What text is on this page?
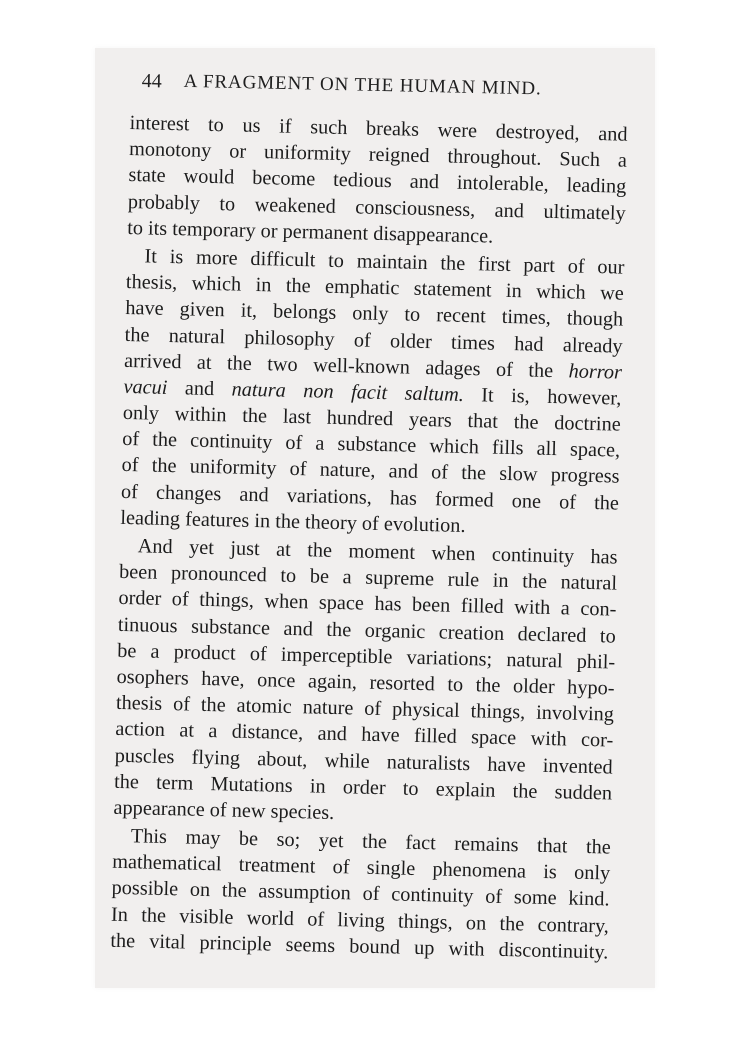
44 A FRAGMENT ON THE HUMAN MIND.
interest to us if such breaks were destroyed, and
monotony or uniformity reigned throughout. Such a
state would become tedious and intolerable, leading
probably to weakened consciousness, and ultimately
to its temporary or permanent disappearance.
It is more difficult to maintain the first part of our
thesis, which in the emphatic statement in which we
have given it, belongs only to recent times, though
the natural philosophy of older times had already
arrived at the two well-known adages of the horror
vacui and natura non facit saltum. It is, however,
only within the last hundred years that the doctrine
of the continuity of a substance which fills all space,
of the uniformity of nature, and of the slow progress
of changes and variations, has formed one of the
leading features in the theory of evolution.
And yet just at the moment when continuity has
been pronounced to be a supreme rule in the natural
order of things, when space has been filled with a con-
tinuous substance and the organic creation declared to
be a product of imperceptible variations; natural phil-
osophers have, once again, resorted to the older hypo-
thesis of the atomic nature of physical things, involving
action at a distance, and have filled space with cor-
puscles flying about, while naturalists have invented
the term Mutations in order to explain the sudden
appearance of new species.
This may be so; yet the fact remains that the
mathematical treatment of single phenomena is only
possible on the assumption of continuity of some kind.
In the visible world of living things, on the contrary,
the vital principle seems bound up with discontinuity.
